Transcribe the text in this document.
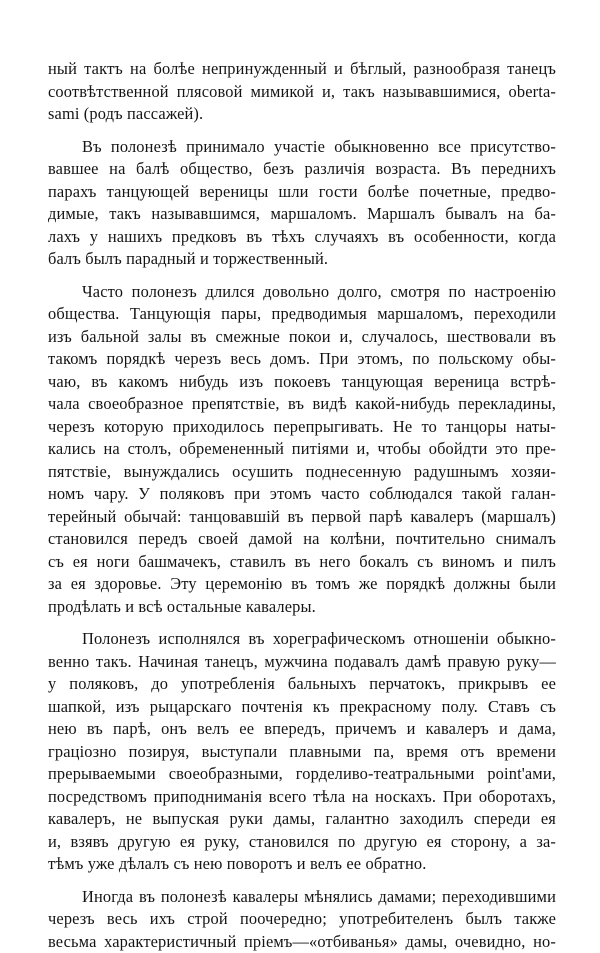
ный тактъ на болѣе непринужденный и бѣглый, разнообразя танецъ
соотвѣтственной плясовой мимикой и, такъ называвшимися, oberta-
sami (родъ пассажей).
Въ полонезѣ принимало участіе обыкновенно все присутство-
вавшее на балѣ общество, безъ различія возраста. Въ переднихъ
парахъ танцующей вереницы шли гости болѣе почетные, предво-
димые, такъ называвшимся, маршаломъ. Маршалъ бывалъ на ба-
лахъ у нашихъ предковъ въ тѣхъ случаяхъ въ особенности, когда
балъ былъ парадный и торжественный.
Часто полонезъ длился довольно долго, смотря по настроенію
общества. Танцующія пары, предводимыя маршаломъ, переходили
изъ бальной залы въ смежные покои и, случалось, шествовали въ
такомъ порядкѣ черезъ весь домъ. При этомъ, по польскому обы-
чаю, въ какомъ нибудь изъ покоевъ танцующая вереница встрѣ-
чала своеобразное препятствіе, въ видѣ какой-нибудь перекладины,
черезъ которую приходилось перепрыгивать. Не то танцоры наты-
кались на столъ, обремененный питіями и, чтобы обойдти это пре-
пятствіе, вынуждались осушить поднесенную радушнымъ хозяи-
номъ чару. У поляковъ при этомъ часто соблюдался такой галан-
терейный обычай: танцовавшій въ первой парѣ кавалеръ (маршалъ)
становился передъ своей дамой на колѣни, почтительно снималъ
съ ея ноги башмачекъ, ставилъ въ него бокалъ съ виномъ и пилъ
за ея здоровье. Эту церемонію въ томъ же порядкѣ должны были
продѣлать и всѣ остальные кавалеры.
Полонезъ исполнялся въ хореграфическомъ отношеніи обыкно-
венно такъ. Начиная танецъ, мужчина подавалъ дамѣ правую руку—
у поляковъ, до употребленія бальныхъ перчатокъ, прикрывъ ее
шапкой, изъ рыцарскаго почтенія къ прекрасному полу. Ставъ съ
нею въ парѣ, онъ велъ ее впередъ, причемъ и кавалеръ и дама,
граціозно позируя, выступали плавными па, время отъ времени
прерываемыми своеобразными, горделиво-театральными point'ами,
посредствомъ приподниманія всего тѣла на носкахъ. При оборотахъ,
кавалеръ, не выпуская руки дамы, галантно заходилъ спереди ея
и, взявъ другую ея руку, становился по другую ея сторону, а за-
тѣмъ уже дѣлалъ съ нею поворотъ и велъ ее обратно.
Иногда въ полонезѣ кавалеры мѣнялись дамами; переходившими
черезъ весь ихъ строй поочередно; употребителенъ былъ также
весьма характеристичный пріемъ—«отбиванья» дамы, очевидно, но-
